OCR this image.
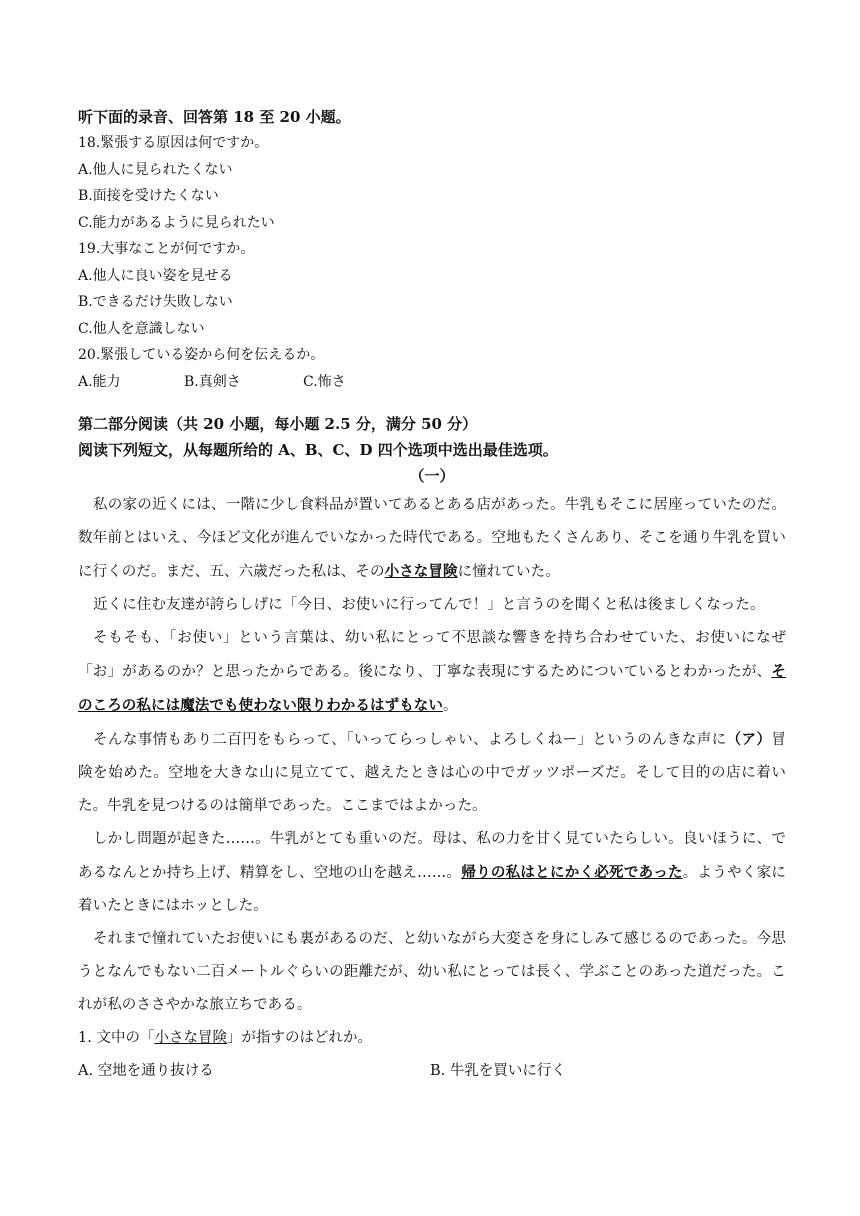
听下面的录音、回答第 18 至 20 小题。
18.緊張する原因は何ですか。
A.他人に見られたくない
B.面接を受けたくない
C.能力があるように見られたい
19.大事なことが何ですか。
A.他人に良い姿を見せる
B.できるだけ失敗しない
C.他人を意識しない
20.緊張している姿から何を伝えるか。
A.能力	B.真剣さ	C.怖さ
第二部分阅读（共 20 小题，每小题 2.5 分，满分 50 分）
阅读下列短文，从每题所给的 A、B、C、D 四个选项中选出最佳选项。
（一）
私の家の近くには、一階に少し食料品が置いてあるとある店があった。牛乳もそこに居座っていたのだ。数年前とはいえ、今ほど文化が進んでいなかった時代である。空地もたくさんあり、そこを通り牛乳を買いに行くのだ。まだ、五、六歳だった私は、その小さな冒険に憧れていた。
近くに住む友達が誇らしげに「今日、お使いに行ってんで！」と言うのを聞くと私は後ましくなった。
そもそも、「お使い」という言葉は、幼い私にとって不思談な響きを持ち合わせていた、お使いになぜ「お」があるのか？と思ったからである。後になり、丁寧な表現にするためについているとわかったが、そのころの私には魔法でも使わない限りわかるはずもない。
そんな事情もあり二百円をもらって、「いってらっしゃい、よろしくねー」というのんきな声に（ア）冒険を始めた。空地を大きな山に見立てて、越えたときは心の中でガッツポーズだ。そして目的の店に着いた。牛乳を見つけるのは簡単であった。ここまではよかった。
しかし問題が起きた……。牛乳がとても重いのだ。母は、私の力を甘く見ていたらしい。良いほうに、であるなんとか持ち上げ、精算をし、空地の山を越え……。帰りの私はとにかく必死であった。ようやく家に着いたときにはホッとした。
それまで憧れていたお使いにも裏があるのだ、と幼いながら大変さを身にしみて感じるのであった。今思うとなんでもない二百メートルぐらいの距離だが、幼い私にとっては長く、学ぶことのあった道だった。これが私のささやかな旅立ちである。
1. 文中の「小さな冒険」が指すのはどれか。
A. 空地を通り抜ける	B. 牛乳を買いに行く
